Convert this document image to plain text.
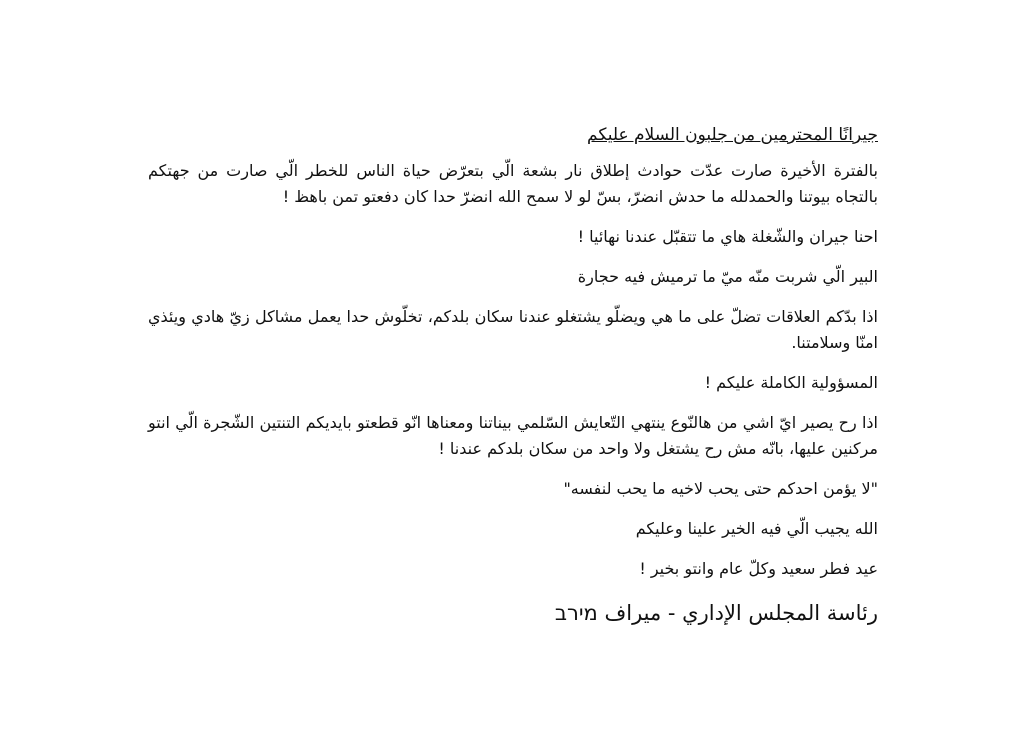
جيرانًا المحترمين من جلبون السلام عليكم
بالفترة الأخيرة صارت عدّت حوادث إطلاق نار بشعة الّي بتعرّض حياة الناس للخطر الّي صارت من جهتكم بالتجاه بيوتنا والحمدلله ما حدش انضرّ، بسّ لو لا سمح الله انضرّ حدا كان دفعتو تمن باهظ !
احنا جيران والشّغلة هاي ما تتقبّل عندنا نهائيا !
البير الّي شربت منّه ميّ ما ترميش فيه حجارة
اذا بدّكم العلاقات تضلّ على ما هي ويضلّو يشتغلو عندنا سكان بلدكم، تخلّوش حدا يعمل مشاكل زيّ هادي ويئذي امنّا وسلامتنا.
المسؤولية الكاملة عليكم !
اذا رح يصير ايّ اشي من هالنّوع ينتهي التّعايش السّلمي بيناتنا ومعناها انّو قطعتو بايديكم التنتين الشّجرة الّي انتو مركنين عليها، بانّه مش رح يشتغل ولا واحد من سكان بلدكم عندنا !
"لا يؤمن احدكم حتى يحب لاخيه ما يحب لنفسه"
الله يجيب الّي فيه الخير علينا وعليكم
عيد فطر سعيد وكلّ عام وانتو بخير !
رئاسة المجلس الإداري - ميراف מירב
